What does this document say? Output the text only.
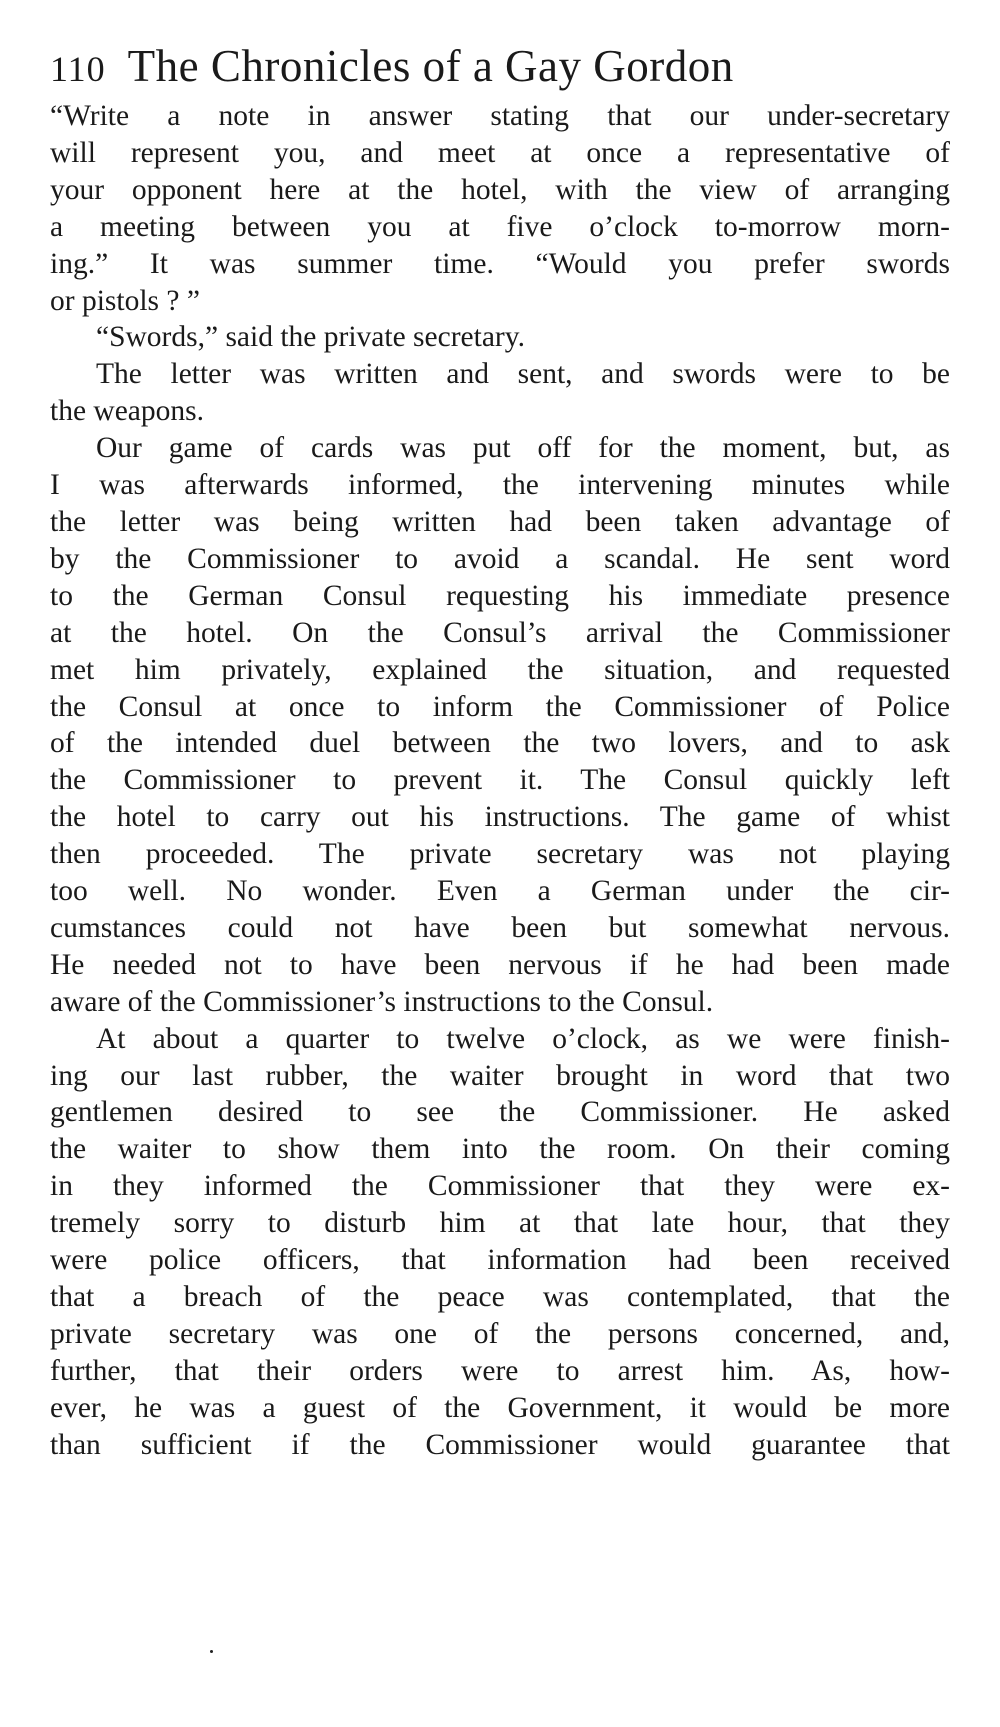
110 The Chronicles of a Gay Gordon
“Write a note in answer stating that our under-secretary
will represent you, and meet at once a representative of
your opponent here at the hotel, with the view of arranging
a meeting between you at five o’clock to-morrow morn-
ing.” It was summer time. “Would you prefer swords
or pistols ? ”
“Swords,” said the private secretary.
The letter was written and sent, and swords were to be
the weapons.
Our game of cards was put off for the moment, but, as
I was afterwards informed, the intervening minutes while
the letter was being written had been taken advantage of
by the Commissioner to avoid a scandal. He sent word
to the German Consul requesting his immediate presence
at the hotel. On the Consul’s arrival the Commissioner
met him privately, explained the situation, and requested
the Consul at once to inform the Commissioner of Police
of the intended duel between the two lovers, and to ask
the Commissioner to prevent it. The Consul quickly left
the hotel to carry out his instructions. The game of whist
then proceeded. The private secretary was not playing
too well. No wonder. Even a German under the cir-
cumstances could not have been but somewhat nervous.
He needed not to have been nervous if he had been made
aware of the Commissioner’s instructions to the Consul.
At about a quarter to twelve o’clock, as we were finish-
ing our last rubber, the waiter brought in word that two
gentlemen desired to see the Commissioner. He asked
the waiter to show them into the room. On their coming
in they informed the Commissioner that they were ex-
tremely sorry to disturb him at that late hour, that they
were police officers, that information had been received
that a breach of the peace was contemplated, that the
private secretary was one of the persons concerned, and,
further, that their orders were to arrest him. As, how-
ever, he was a guest of the Government, it would be more
than sufficient if the Commissioner would guarantee that
